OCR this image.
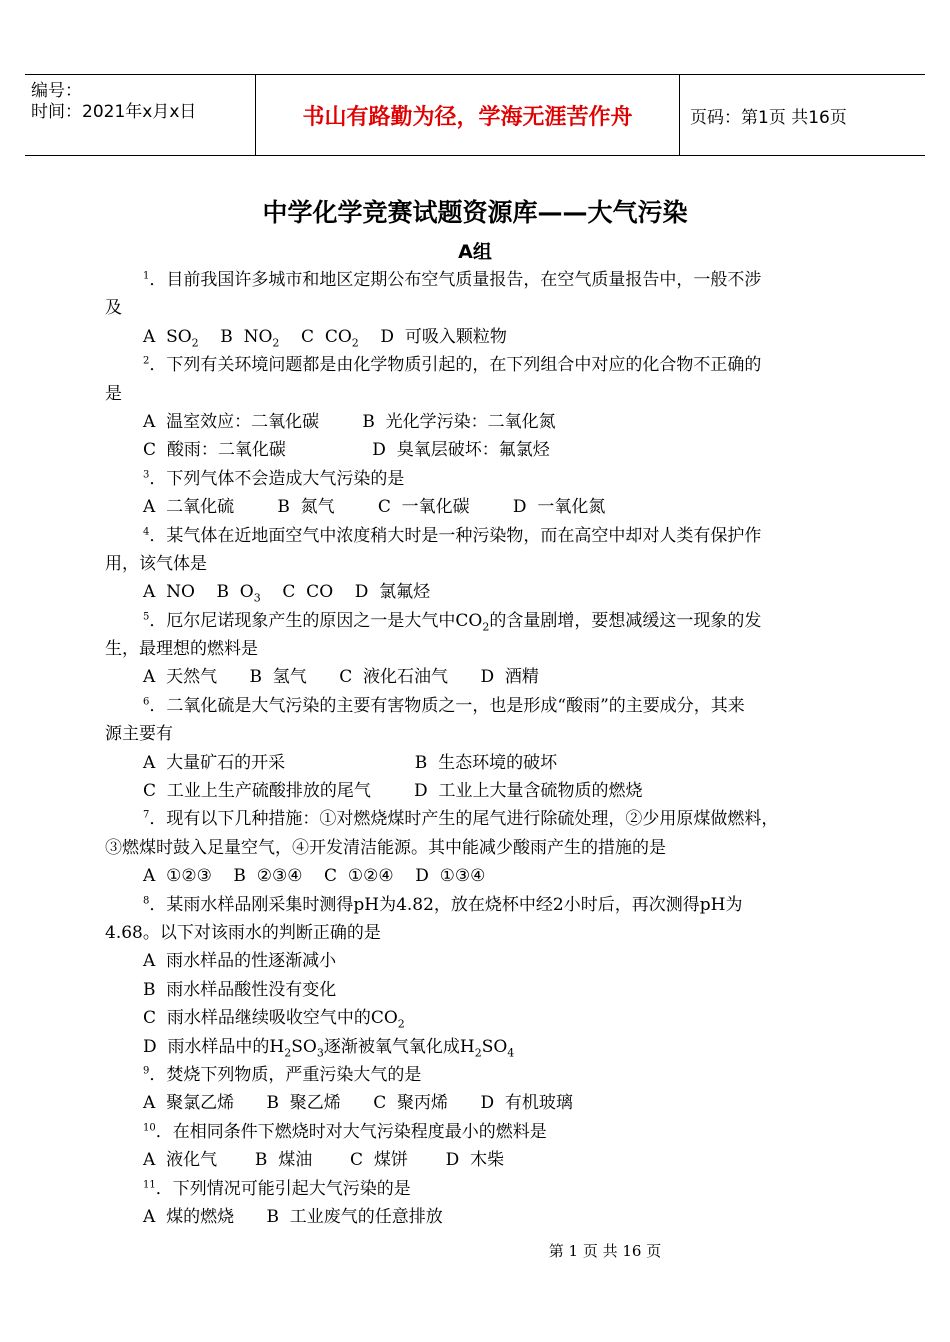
编号：
时间：2021年x月x日	书山有路勤为径，学海无涯苦作舟	页码：第1页 共16页
中学化学竞赛试题资源库——大气污染
A组
$^1$．目前我国许多城市和地区定期公布空气质量报告，在空气质量报告中，一般不涉
及
A  $SO_2$    B  $NO_2$    C  $CO_2$    D  可吸入颗粒物
$^2$．下列有关环境问题都是由化学物质引起的，在下列组合中对应的化合物不正确的
是
A  温室效应：二氧化碳        B  光化学污染：二氧化氮
C  酸雨：二氧化碳                D  臭氧层破坏：氟氯烃
$^3$．下列气体不会造成大气污染的是
A  二氧化硫        B  氮气        C  一氧化碳        D  一氧化氮
$^4$．某气体在近地面空气中浓度稍大时是一种污染物，而在高空中却对人类有保护作
用，该气体是
A  NO    B  $O_3$    C  CO    D  氯氟烃
$^5$．厄尔尼诺现象产生的原因之一是大气中$CO_2$的含量剧增，要想减缓这一现象的发
生，最理想的燃料是
A  天然气      B  氢气      C  液化石油气      D  酒精
$^6$．二氧化硫是大气污染的主要有害物质之一，也是形成“酸雨”的主要成分，其来
源主要有
A  大量矿石的开采                        B  生态环境的破坏
C  工业上生产硫酸排放的尾气        D  工业上大量含硫物质的燃烧
$^7$．现有以下几种措施：①对燃烧煤时产生的尾气进行除硫处理，②少用原煤做燃料，
③燃煤时鼓入足量空气，④开发清洁能源。其中能减少酸雨产生的措施的是
A  ①②③    B  ②③④    C  ①②④    D  ①③④
$^8$．某雨水样品刚采集时测得pH为4.82，放在烧杯中经2小时后，再次测得pH为
4.68。以下对该雨水的判断正确的是
A  雨水样品的性逐渐减小
B  雨水样品酸性没有变化
C  雨水样品继续吸收空气中的$CO_2$
D  雨水样品中的$H_2SO_3$逐渐被氧气氧化成$H_2SO_4$
$^9$．焚烧下列物质，严重污染大气的是
A  聚氯乙烯      B  聚乙烯      C  聚丙烯      D  有机玻璃
$^{10}$．在相同条件下燃烧时对大气污染程度最小的燃料是
A  液化气       B  煤油       C  煤饼       D  木柴
$^{11}$．下列情况可能引起大气污染的是
A  煤的燃烧      B  工业废气的任意排放
第 1 页 共 16 页
